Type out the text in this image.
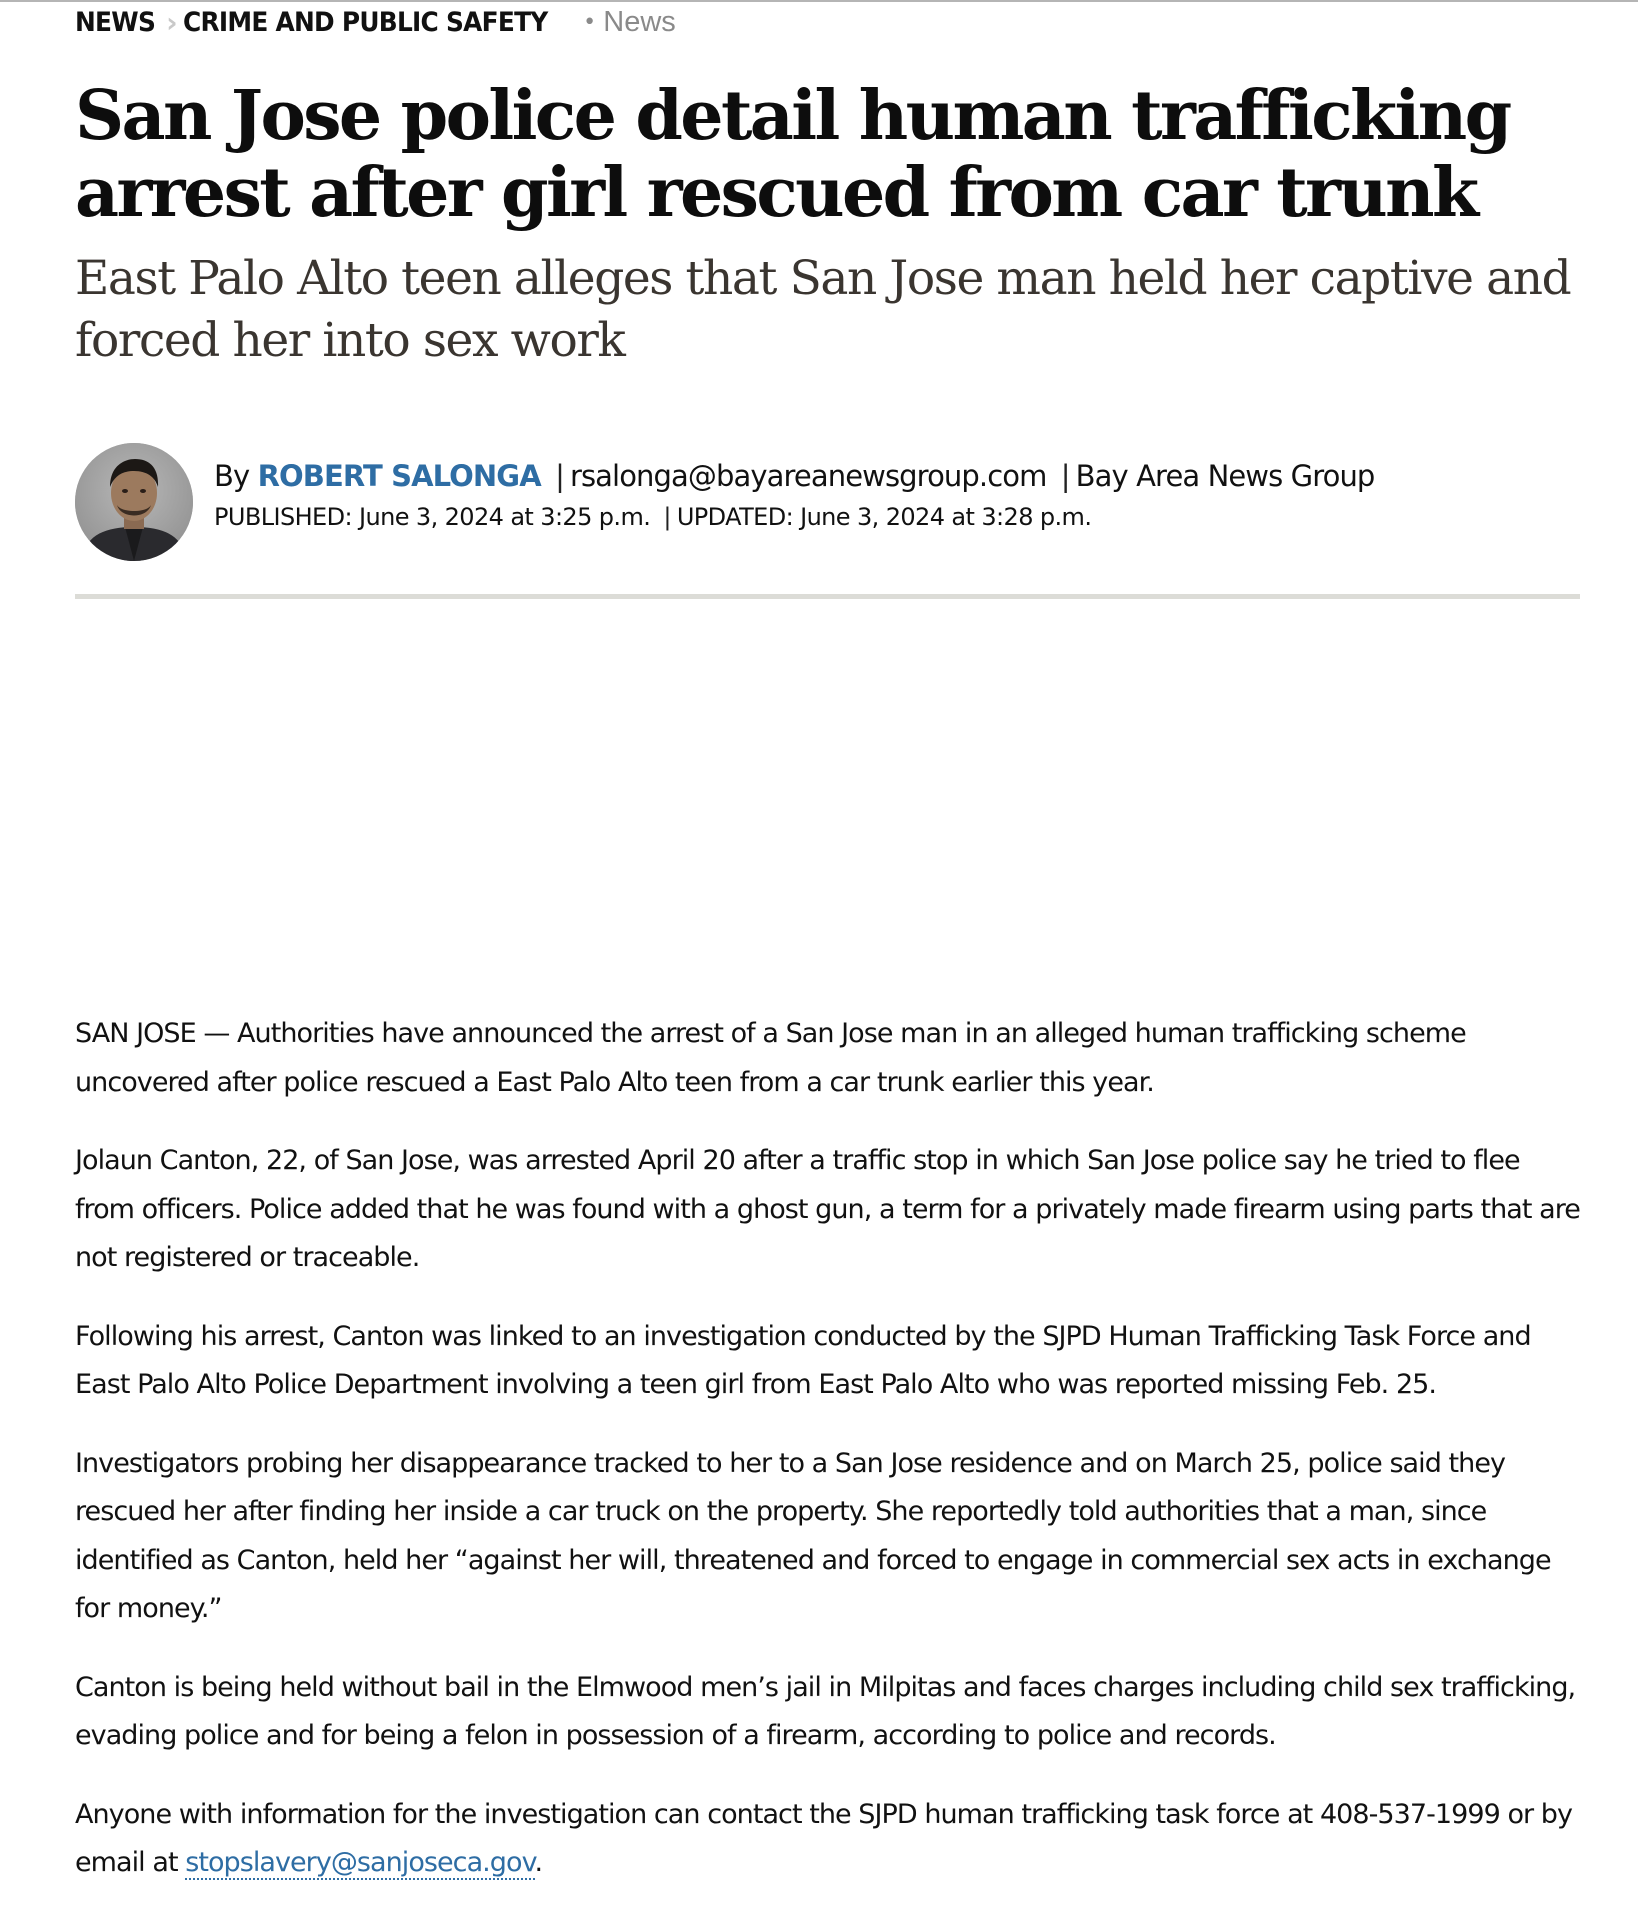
NEWS › CRIME AND PUBLIC SAFETY • News
San Jose police detail human trafficking arrest after girl rescued from car trunk
East Palo Alto teen alleges that San Jose man held her captive and forced her into sex work
By ROBERT SALONGA | rsalonga@bayareanewsgroup.com | Bay Area News Group
PUBLISHED: June 3, 2024 at 3:25 p.m. | UPDATED: June 3, 2024 at 3:28 p.m.

SAN JOSE — Authorities have announced the arrest of a San Jose man in an alleged human trafficking scheme uncovered after police rescued a East Palo Alto teen from a car trunk earlier this year.

Jolaun Canton, 22, of San Jose, was arrested April 20 after a traffic stop in which San Jose police say he tried to flee from officers. Police added that he was found with a ghost gun, a term for a privately made firearm using parts that are not registered or traceable.

Following his arrest, Canton was linked to an investigation conducted by the SJPD Human Trafficking Task Force and East Palo Alto Police Department involving a teen girl from East Palo Alto who was reported missing Feb. 25.

Investigators probing her disappearance tracked to her to a San Jose residence and on March 25, police said they rescued her after finding her inside a car truck on the property. She reportedly told authorities that a man, since identified as Canton, held her “against her will, threatened and forced to engage in commercial sex acts in exchange for money.”

Canton is being held without bail in the Elmwood men’s jail in Milpitas and faces charges including child sex trafficking, evading police and for being a felon in possession of a firearm, according to police and records.

Anyone with information for the investigation can contact the SJPD human trafficking task force at 408-537-1999 or by email at stopslavery@sanjoseca.gov.
